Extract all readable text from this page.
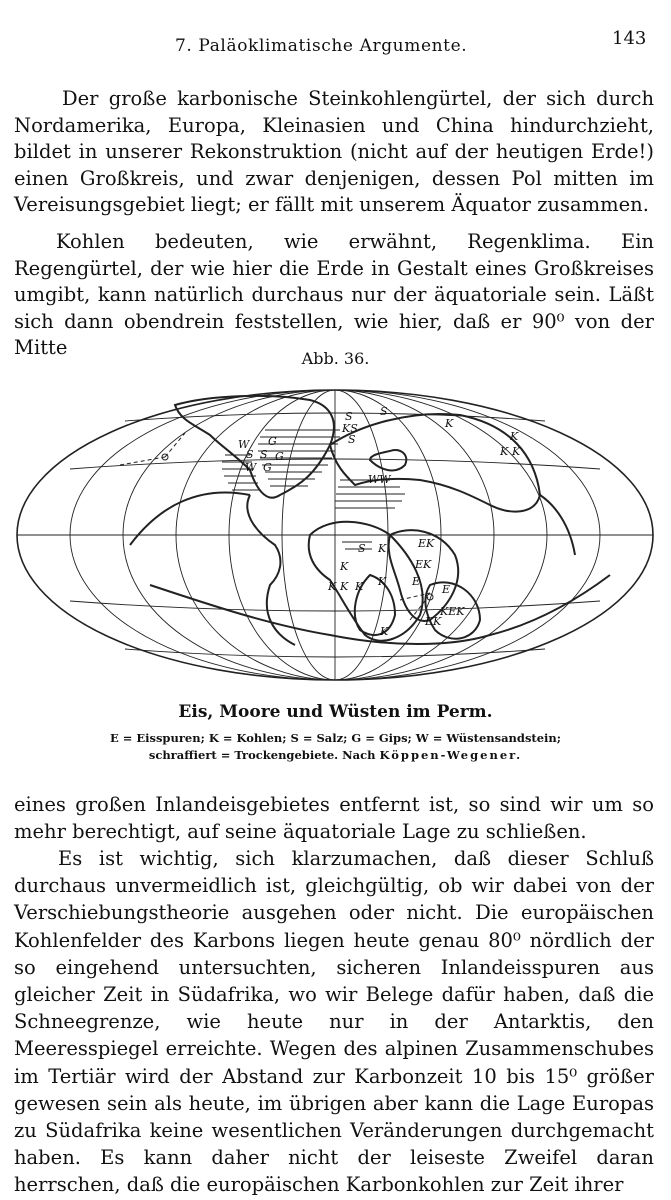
7. Paläoklimatische Argumente.	143
Der große karbonische Steinkohlengürtel, der sich durch Nordamerika, Europa, Kleinasien und China hindurchzieht, bildet in unserer Rekonstruktion (nicht auf der heutigen Erde!) einen Großkreis, und zwar denjenigen, dessen Pol mitten im Vereisungsgebiet liegt; er fällt mit unserem Äquator zusammen.
Kohlen bedeuten, wie erwähnt, Regenklima. Ein Regengürtel, der wie hier die Erde in Gestalt eines Großkreises umgibt, kann natürlich durchaus nur der äquatoriale sein. Läßt sich dann obendrein feststellen, wie hier, daß er 90⁰ von der Mitte	Abb. 36.
K
K
K K
S
KS
S
S
W G
S S G
W G
WW
S K
K
K K K K
EK
EK
E
E
KEK
EK
K
Eis, Moore und Wüsten im Perm.
E = Eisspuren; K = Kohlen; S = Salz; G = Gips; W = Wüstensandstein;
schraffiert = Trockengebiete. Nach Köppen-Wegener.
eines großen Inlandeisgebietes entfernt ist, so sind wir um so mehr berechtigt, auf seine äquatoriale Lage zu schließen.
Es ist wichtig, sich klarzumachen, daß dieser Schluß durchaus unvermeidlich ist, gleichgültig, ob wir dabei von der Verschiebungstheorie ausgehen oder nicht. Die europäischen Kohlenfelder des Karbons liegen heute genau 80⁰ nördlich der so eingehend untersuchten, sicheren Inlandeisspuren aus gleicher Zeit in Südafrika, wo wir Belege dafür haben, daß die Schneegrenze, wie heute nur in der Antarktis, den Meeresspiegel erreichte. Wegen des alpinen Zusammenschubes im Tertiär wird der Abstand zur Karbonzeit 10 bis 15⁰ größer gewesen sein als heute, im übrigen aber kann die Lage Europas zu Südafrika keine wesentlichen Veränderungen durchgemacht haben. Es kann daher nicht der leiseste Zweifel daran herrschen, daß die europäischen Karbonkohlen zur Zeit ihrer
